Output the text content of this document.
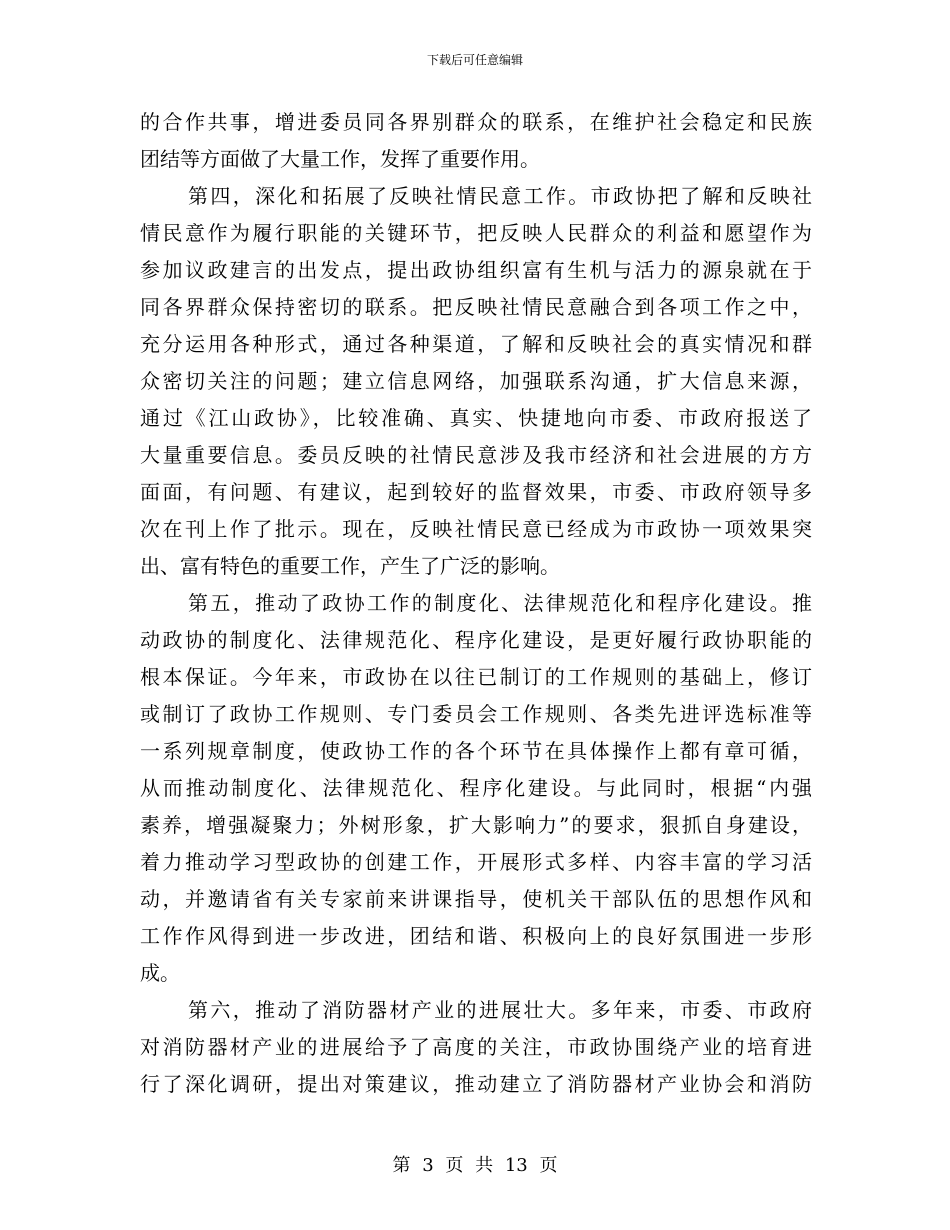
下载后可任意编辑
的合作共事，增进委员同各界别群众的联系，在维护社会稳定和民族
团结等方面做了大量工作，发挥了重要作用。
第四，深化和拓展了反映社情民意工作。市政协把了解和反映社
情民意作为履行职能的关键环节，把反映人民群众的利益和愿望作为
参加议政建言的出发点，提出政协组织富有生机与活力的源泉就在于
同各界群众保持密切的联系。把反映社情民意融合到各项工作之中，
充分运用各种形式，通过各种渠道，了解和反映社会的真实情况和群
众密切关注的问题；建立信息网络，加强联系沟通，扩大信息来源，
通过《江山政协》，比较准确、真实、快捷地向市委、市政府报送了
大量重要信息。委员反映的社情民意涉及我市经济和社会进展的方方
面面，有问题、有建议，起到较好的监督效果，市委、市政府领导多
次在刊上作了批示。现在，反映社情民意已经成为市政协一项效果突
出、富有特色的重要工作，产生了广泛的影响。
第五，推动了政协工作的制度化、法律规范化和程序化建设。推
动政协的制度化、法律规范化、程序化建设，是更好履行政协职能的
根本保证。今年来，市政协在以往已制订的工作规则的基础上，修订
或制订了政协工作规则、专门委员会工作规则、各类先进评选标准等
一系列规章制度，使政协工作的各个环节在具体操作上都有章可循，
从而推动制度化、法律规范化、程序化建设。与此同时，根据“内强
素养，增强凝聚力；外树形象，扩大影响力”的要求，狠抓自身建设，
着力推动学习型政协的创建工作，开展形式多样、内容丰富的学习活
动，并邀请省有关专家前来讲课指导，使机关干部队伍的思想作风和
工作作风得到进一步改进，团结和谐、积极向上的良好氛围进一步形
成。
第六，推动了消防器材产业的进展壮大。多年来，市委、市政府
对消防器材产业的进展给予了高度的关注，市政协围绕产业的培育进
行了深化调研，提出对策建议，推动建立了消防器材产业协会和消防
第 3 页 共 13 页
